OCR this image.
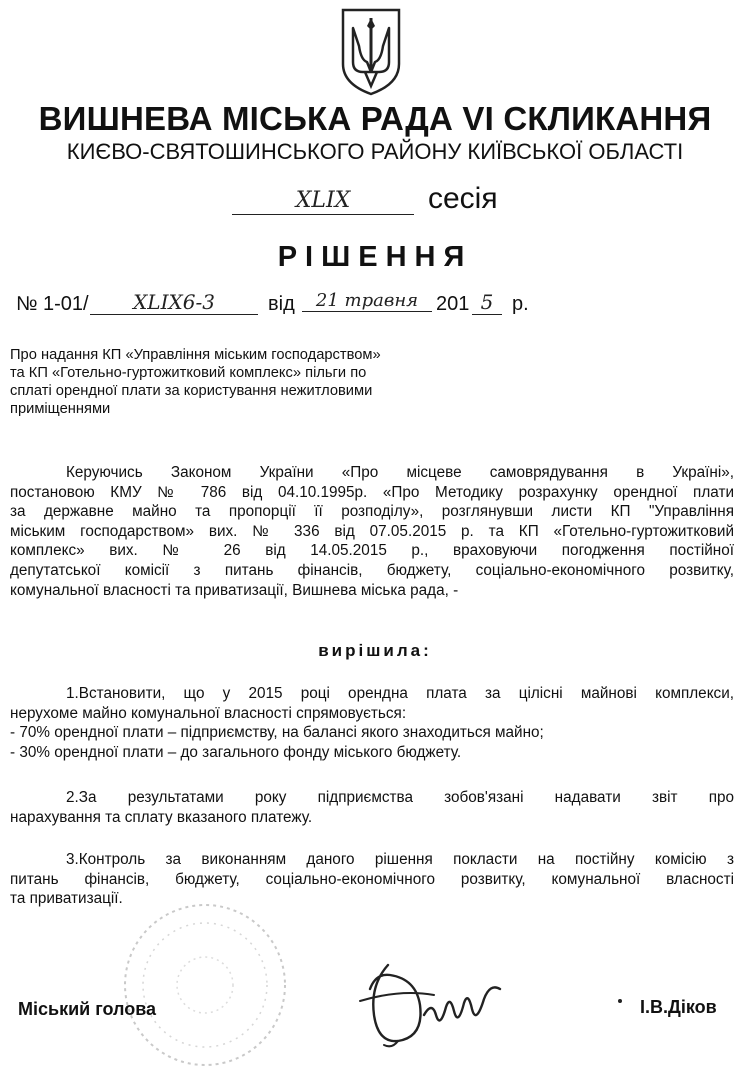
ВИШНЕВА МІСЬКА РАДА VI СКЛИКАННЯ
КИЄВО-СВЯТОШИНСЬКОГО РАЙОНУ КИЇВСЬКОЇ ОБЛАСТІ
XLIX	сесія
РІШЕННЯ
№ 1-01/	XLIX6-3	від	21 травня 201 5 р.
Про надання КП «Управління міським господарством»
та КП «Готельно-гуртожитковий комплекс» пільги по
сплаті орендної плати за користування нежитловими
приміщеннями
Керуючись Законом України «Про місцеве самоврядування в Україні»,
постановою КМУ № 786 від 04.10.1995р. «Про Методику розрахунку орендної плати
за державне майно та пропорції її розподілу», розглянувши листи КП "Управління
міським господарством» вих. № 336 від 07.05.2015 р. та КП «Готельно-гуртожитковий
комплекс» вих. № 26 від 14.05.2015 р., враховуючи погодження постійної
депутатської комісії з питань фінансів, бюджету, соціально-економічного розвитку,
комунальної власності та приватизації, Вишнева міська рада, -
вирішила:
1.Встановити, що у 2015 році орендна плата за цілісні майнові комплекси,
нерухоме майно комунальної власності спрямовується:
- 70% орендної плати – підприємству, на балансі якого знаходиться майно;
- 30% орендної плати – до загального фонду міського бюджету.
2.За результатами року підприємства зобов'язані надавати звіт про
нарахування та сплату вказаного платежу.
3.Контроль за виконанням даного рішення покласти на постійну комісію з
питань фінансів, бюджету, соціально-економічного розвитку, комунальної власності
та приватизації.
Міський голова	І.В.Діков
